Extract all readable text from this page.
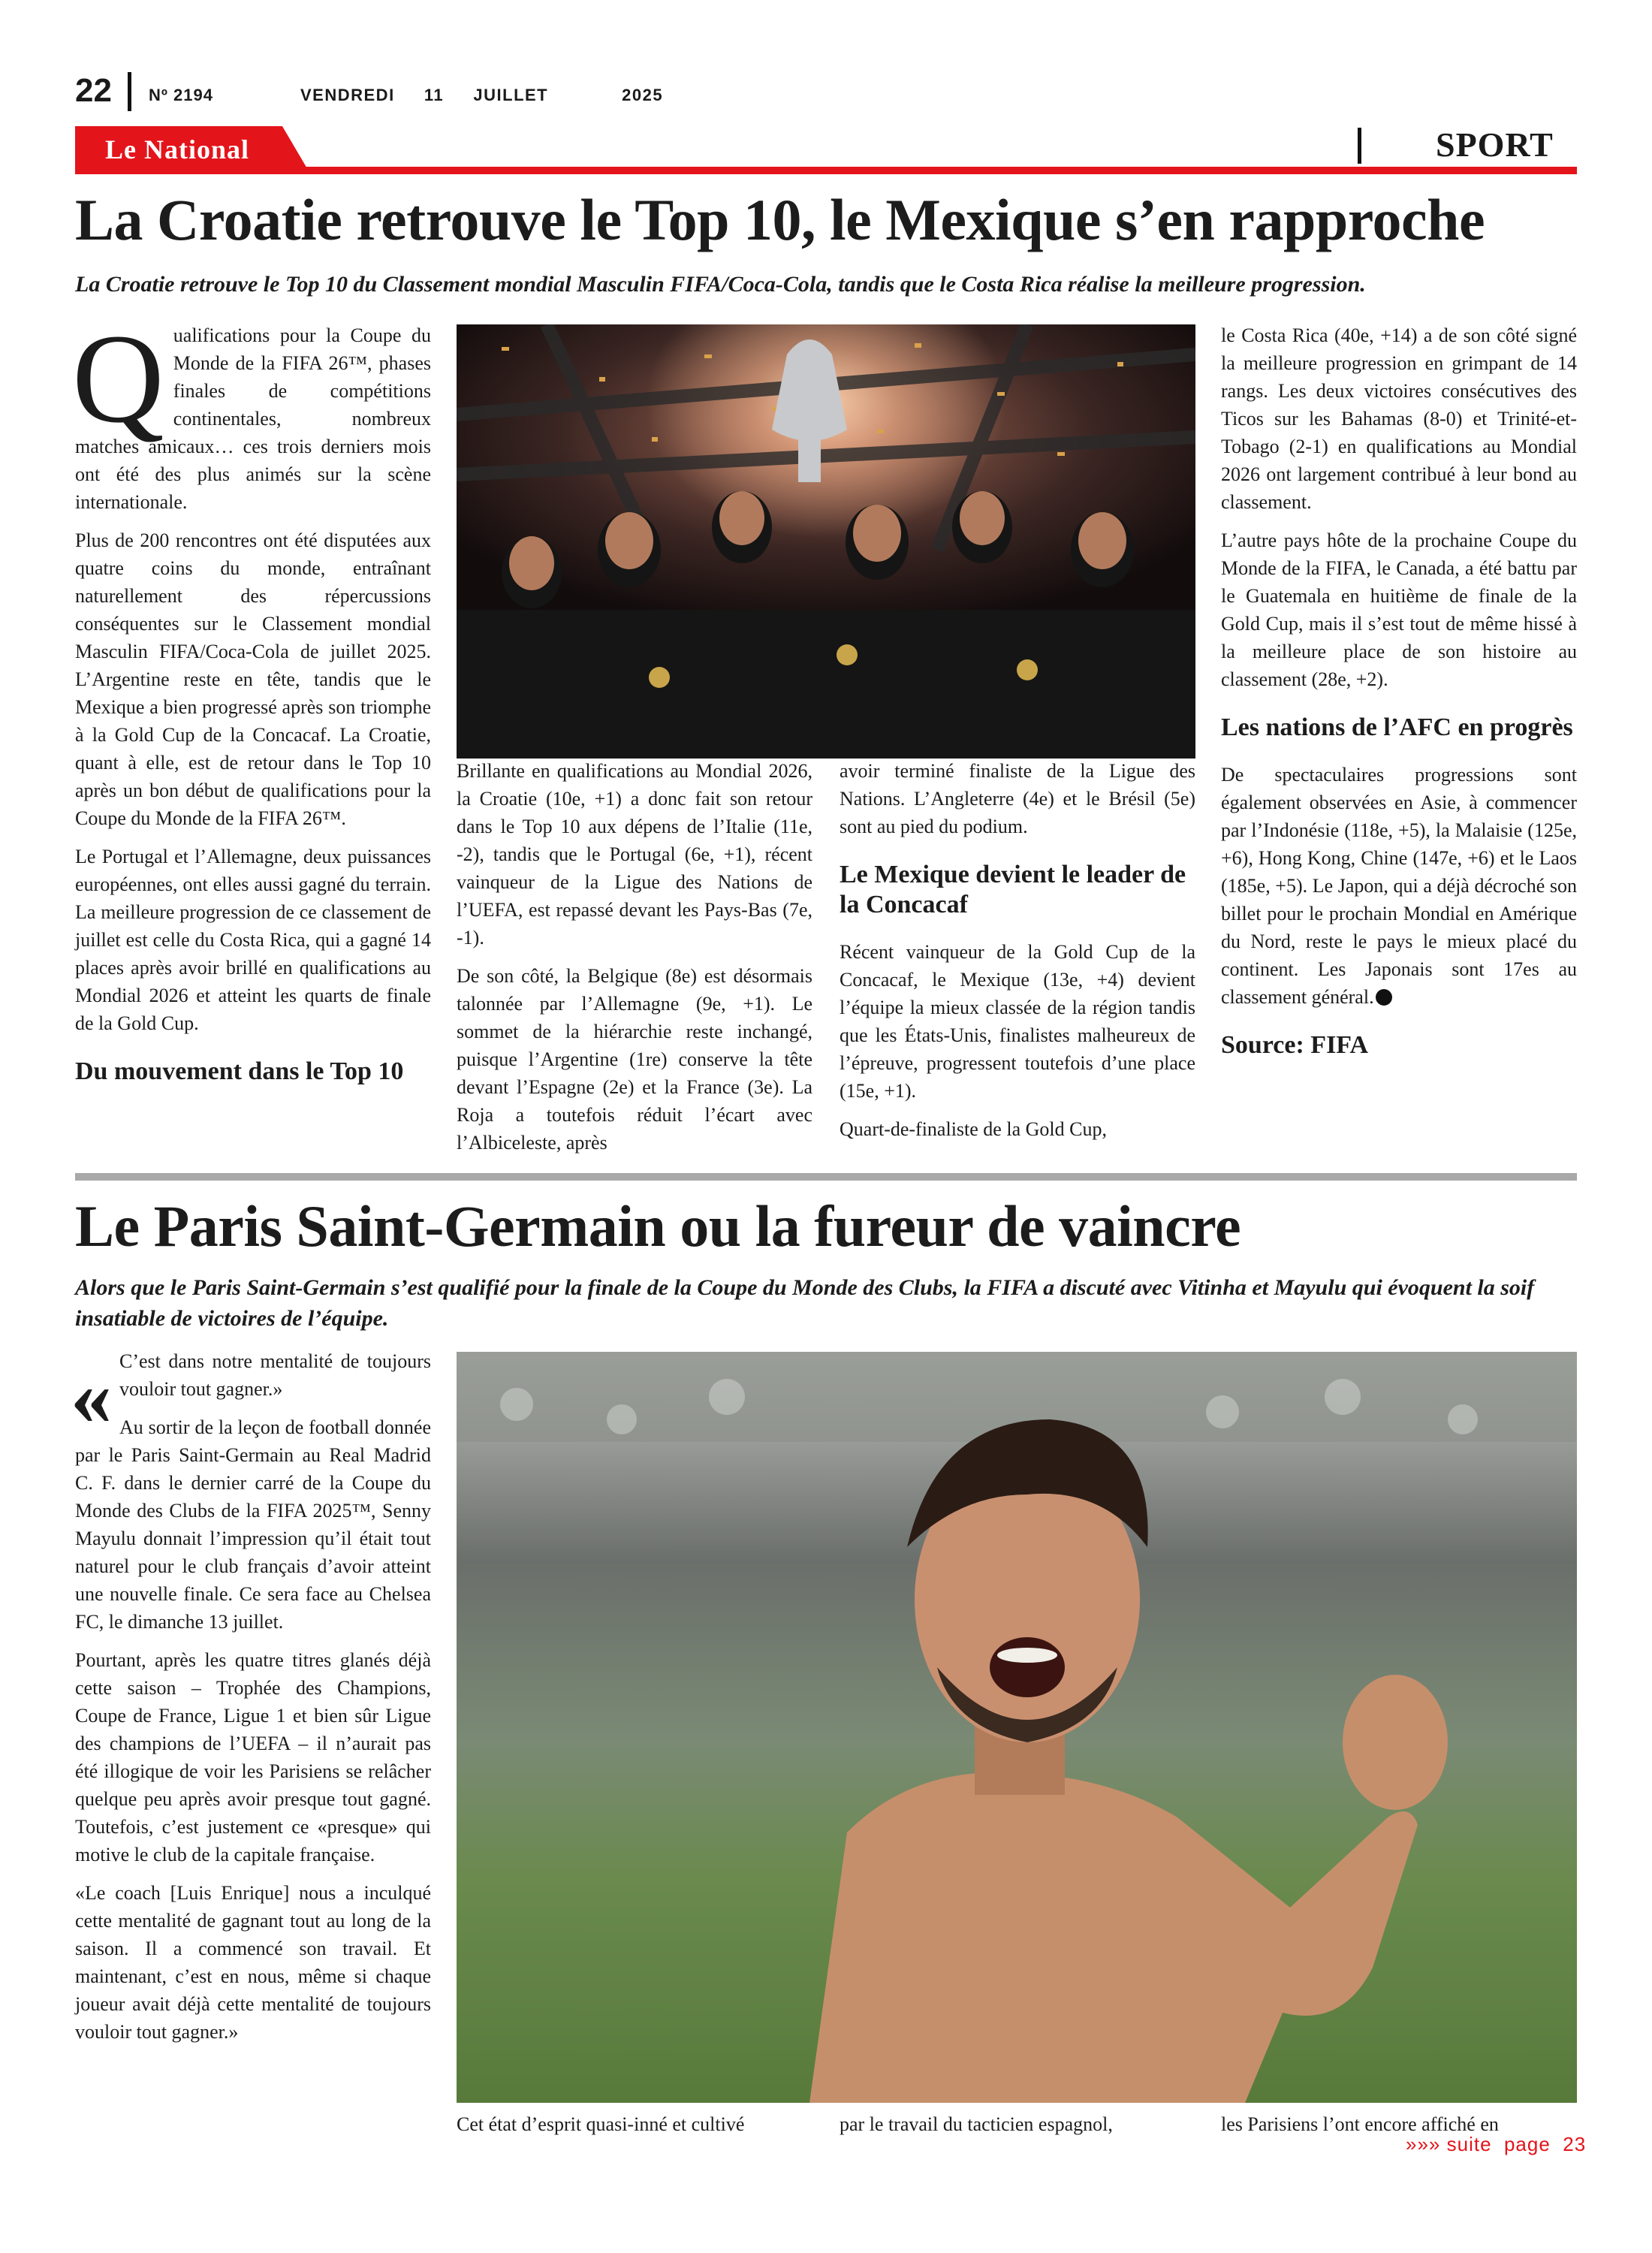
22 Nº 2194	VENDREDI  11  JUILLET     2025
Le National	SPORT
La Croatie retrouve le Top 10, le Mexique s’en rapproche
La Croatie retrouve le Top 10 du Classement mondial Masculin FIFA/Coca-Cola, tandis que le Costa Rica réalise la meilleure progression.
Q ualifications pour la Coupe du Monde de la FIFA 26™, phases finales de compétitions continentales, nombreux matches amicaux… ces trois derniers mois ont été des plus animés sur la scène internationale.

Plus de 200 rencontres ont été disputées aux quatre coins du monde, entraînant naturellement des répercussions conséquentes sur le Classement mondial Masculin FIFA/Coca-Cola de juillet 2025. L’Argentine reste en tête, tandis que le Mexique a bien progressé après son triomphe à la Gold Cup de la Concacaf. La Croatie, quant à elle, est de retour dans le Top 10 après un bon début de qualifications pour la Coupe du Monde de la FIFA 26™.

Le Portugal et l’Allemagne, deux puissances européennes, ont elles aussi gagné du terrain. La meilleure progression de ce classement de juillet est celle du Costa Rica, qui a gagné 14 places après avoir brillé en qualifications au Mondial 2026 et atteint les quarts de finale de la Gold Cup.

Du mouvement dans le Top 10

Brillante en qualifications au Mondial 2026, la Croatie (10e, +1) a donc fait son retour dans le Top 10 aux dépens de l’Italie (11e, -2), tandis que le Portugal (6e, +1), récent vainqueur de la Ligue des Nations de l’UEFA, est repassé devant les Pays-Bas (7e, -1).

De son côté, la Belgique (8e) est désormais talonnée par l’Allemagne (9e, +1). Le sommet de la hiérarchie reste inchangé, puisque l’Argentine (1re) conserve la tête devant l’Espagne (2e) et la France (3e). La Roja a toutefois réduit l’écart avec l’Albiceleste, après

avoir terminé finaliste de la Ligue des Nations. L’Angleterre (4e) et le Brésil (5e) sont au pied du podium.

Le Mexique devient le leader de la Concacaf

Récent vainqueur de la Gold Cup de la Concacaf, le Mexique (13e, +4) devient l’équipe la mieux classée de la région tandis que les États-Unis, finalistes malheureux de l’épreuve, progressent toutefois d’une place (15e, +1).

Quart-de-finaliste de la Gold Cup,

le Costa Rica (40e, +14) a de son côté signé la meilleure progression en grimpant de 14 rangs. Les deux victoires consécutives des Ticos sur les Bahamas (8-0) et Trinité-et-Tobago (2-1) en qualifications au Mondial 2026 ont largement contribué à leur bond au classement.

L’autre pays hôte de la prochaine Coupe du Monde de la FIFA, le Canada, a été battu par le Guatemala en huitième de finale de la Gold Cup, mais il s’est tout de même hissé à la meilleure place de son histoire au classement (28e, +2).

Les nations de l’AFC en progrès

De spectaculaires progressions sont également observées en Asie, à commencer par l’Indonésie (118e, +5), la Malaisie (125e, +6), Hong Kong, Chine (147e, +6) et le Laos (185e, +5). Le Japon, qui a déjà décroché son billet pour le prochain Mondial en Amérique du Nord, reste le pays le mieux placé du continent. Les Japonais sont 17es au classement général.

Source: FIFA

Le Paris Saint-Germain ou la fureur de vaincre
Alors que le Paris Saint-Germain s’est qualifié pour la finale de la Coupe du Monde des Clubs, la FIFA a discuté avec Vitinha et Mayulu qui évoquent la soif insatiable de victoires de l’équipe.
« C’est dans notre mentalité de toujours vouloir tout gagner.»

Au sortir de la leçon de football donnée par le Paris Saint-Germain au Real Madrid C. F. dans le dernier carré de la Coupe du Monde des Clubs de la FIFA 2025™, Senny Mayulu donnait l’impression qu’il était tout naturel pour le club français d’avoir atteint une nouvelle finale. Ce sera face au Chelsea FC, le dimanche 13 juillet.

Pourtant, après les quatre titres glanés déjà cette saison – Trophée des Champions, Coupe de France, Ligue 1 et bien sûr Ligue des champions de l’UEFA – il n’aurait pas été illogique de voir les Parisiens se relâcher quelque peu après avoir presque tout gagné. Toutefois, c’est justement ce «presque» qui motive le club de la capitale française.

«Le coach [Luis Enrique] nous a inculqué cette mentalité de gagnant tout au long de la saison. Il a commencé son travail. Et maintenant, c’est en nous, même si chaque joueur avait déjà cette mentalité de toujours vouloir tout gagner.»

Cet état d’esprit quasi-inné et cultivé	par le travail du tacticien espagnol,	les Parisiens l’ont encore affiché en

»»» suite  page  23
